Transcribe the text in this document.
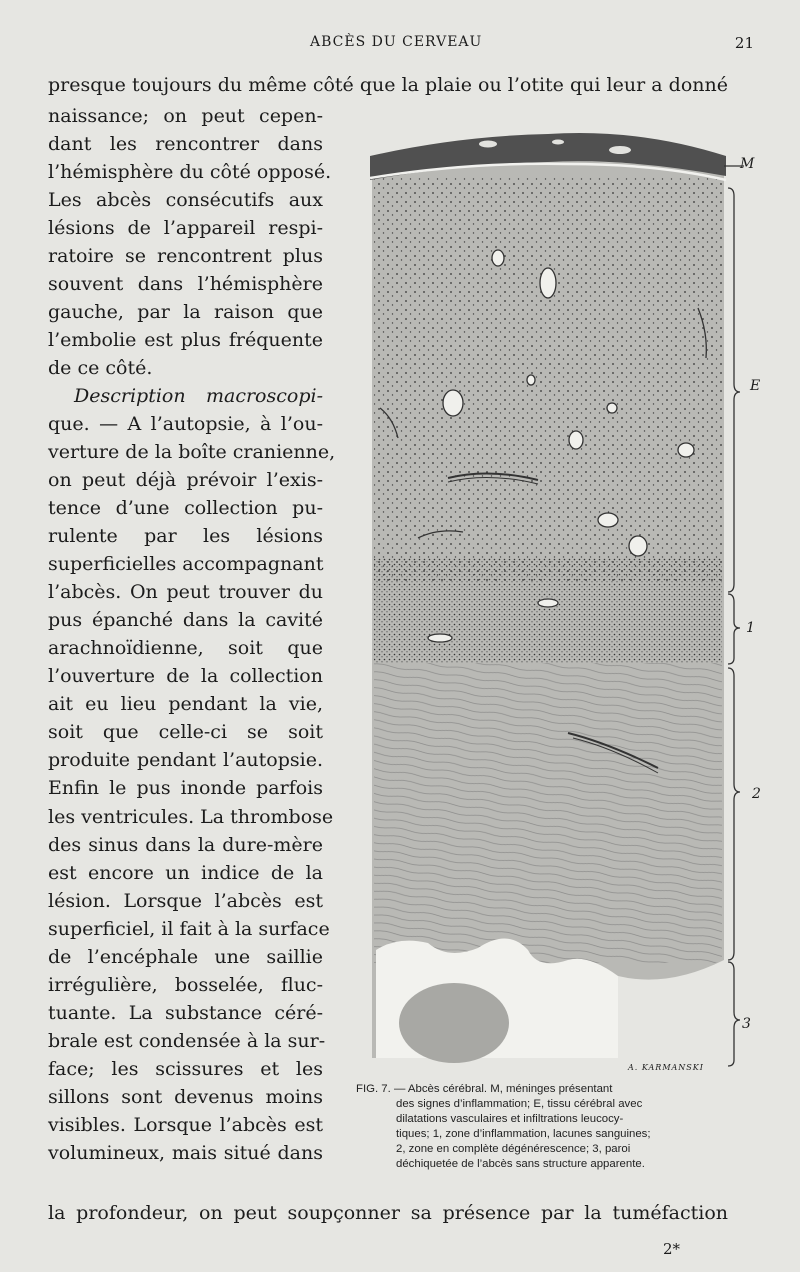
ABCÈS DU CERVEAU	21
presque toujours du même côté que la plaie ou l’otite qui leur a donné
naissance; on peut cepen-
dant les rencontrer dans
l’hémisphère du côté opposé.
Les abcès consécutifs aux
lésions de l’appareil respi-
ratoire se rencontrent plus
souvent dans l’hémisphère
gauche, par la raison que
l’embolie est plus fréquente
de ce côté.
Description macroscopi-
que. — A l’autopsie, à l’ou-
verture de la boîte cranienne,
on peut déjà prévoir l’exis-
tence d’une collection pu-
rulente par les lésions
superficielles accompagnant
l’abcès. On peut trouver du
pus épanché dans la cavité
arachnoïdienne, soit que
l’ouverture de la collection
ait eu lieu pendant la vie,
soit que celle-ci se soit
produite pendant l’autopsie.
Enfin le pus inonde parfois
les ventricules. La thrombose
des sinus dans la dure-mère
est encore un indice de la
lésion. Lorsque l’abcès est
superficiel, il fait à la surface
de l’encéphale une saillie
irrégulière, bosselée, fluc-
tuante. La substance céré-
brale est condensée à la sur-
face; les scissures et les
sillons sont devenus moins
visibles. Lorsque l’abcès est
volumineux, mais situé dans
la profondeur, on peut soupçonner sa présence par la tuméfaction
M
E
1
2
3
A. KARMANSKI
FIG. 7. — Abcès cérébral. M, méninges présentant
des signes d’inflammation; E, tissu cérébral avec
dilatations vasculaires et infiltrations leucocy-
tiques; 1, zone d’inflammation, lacunes sanguines;
2, zone en complète dégénérescence; 3, paroi
déchiquetée de l’abcès sans structure apparente.
2*
